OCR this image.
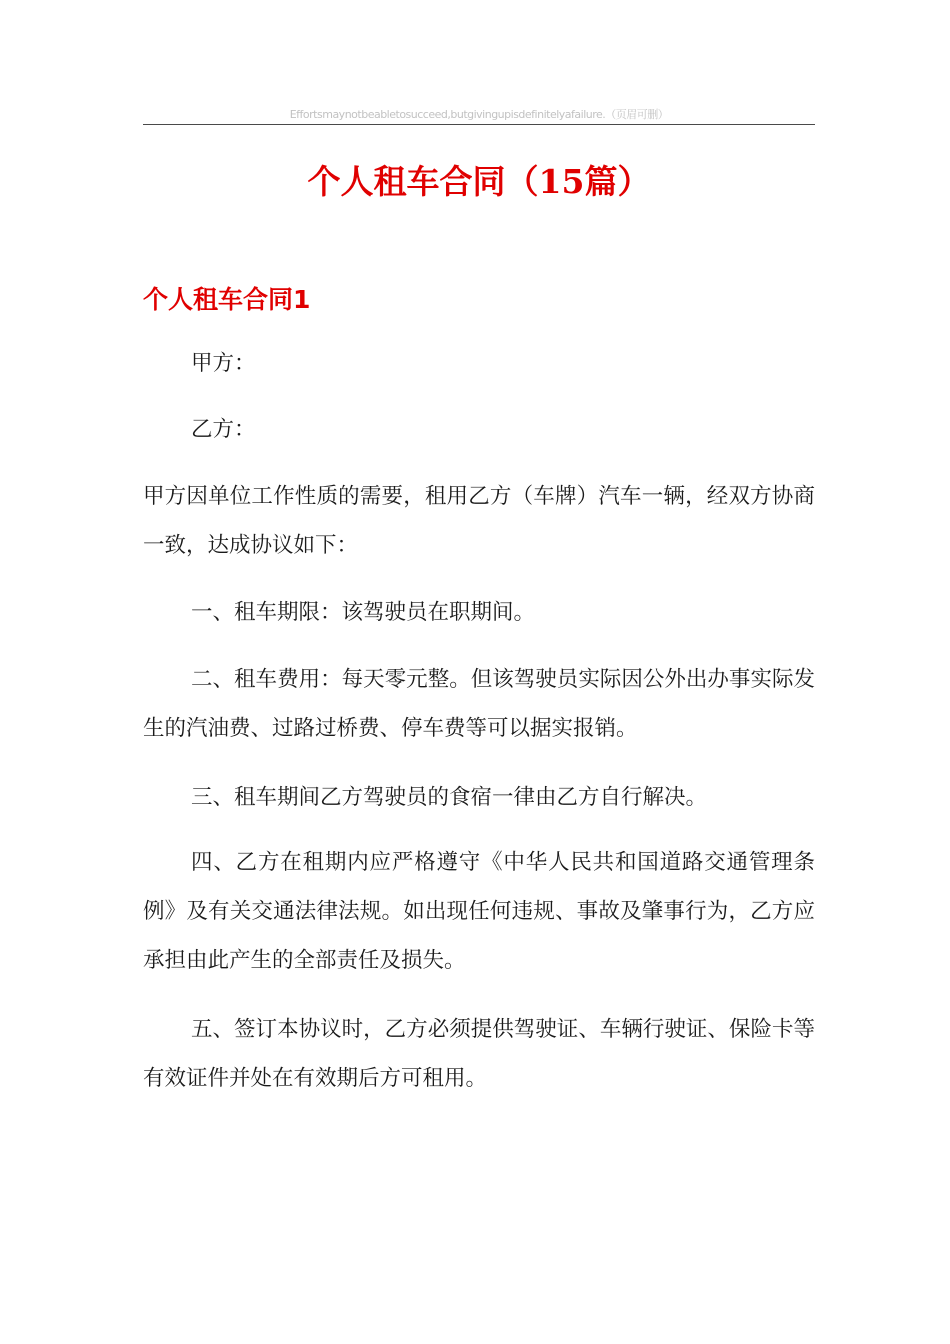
Effortsmaynotbeabletosucceed,butgivingupisdefinitelyafailure.（页眉可删）
个人租车合同（15篇）
个人租车合同1

甲方：

乙方：

甲方因单位工作性质的需要，租用乙方（车牌）汽车一辆，经双方协商一致，达成协议如下：

一、租车期限：该驾驶员在职期间。

二、租车费用：每天零元整。但该驾驶员实际因公外出办事实际发生的汽油费、过路过桥费、停车费等可以据实报销。

三、租车期间乙方驾驶员的食宿一律由乙方自行解决。

四、乙方在租期内应严格遵守《中华人民共和国道路交通管理条例》及有关交通法律法规。如出现任何违规、事故及肇事行为，乙方应承担由此产生的全部责任及损失。

五、签订本协议时，乙方必须提供驾驶证、车辆行驶证、保险卡等有效证件并处在有效期后方可租用。
